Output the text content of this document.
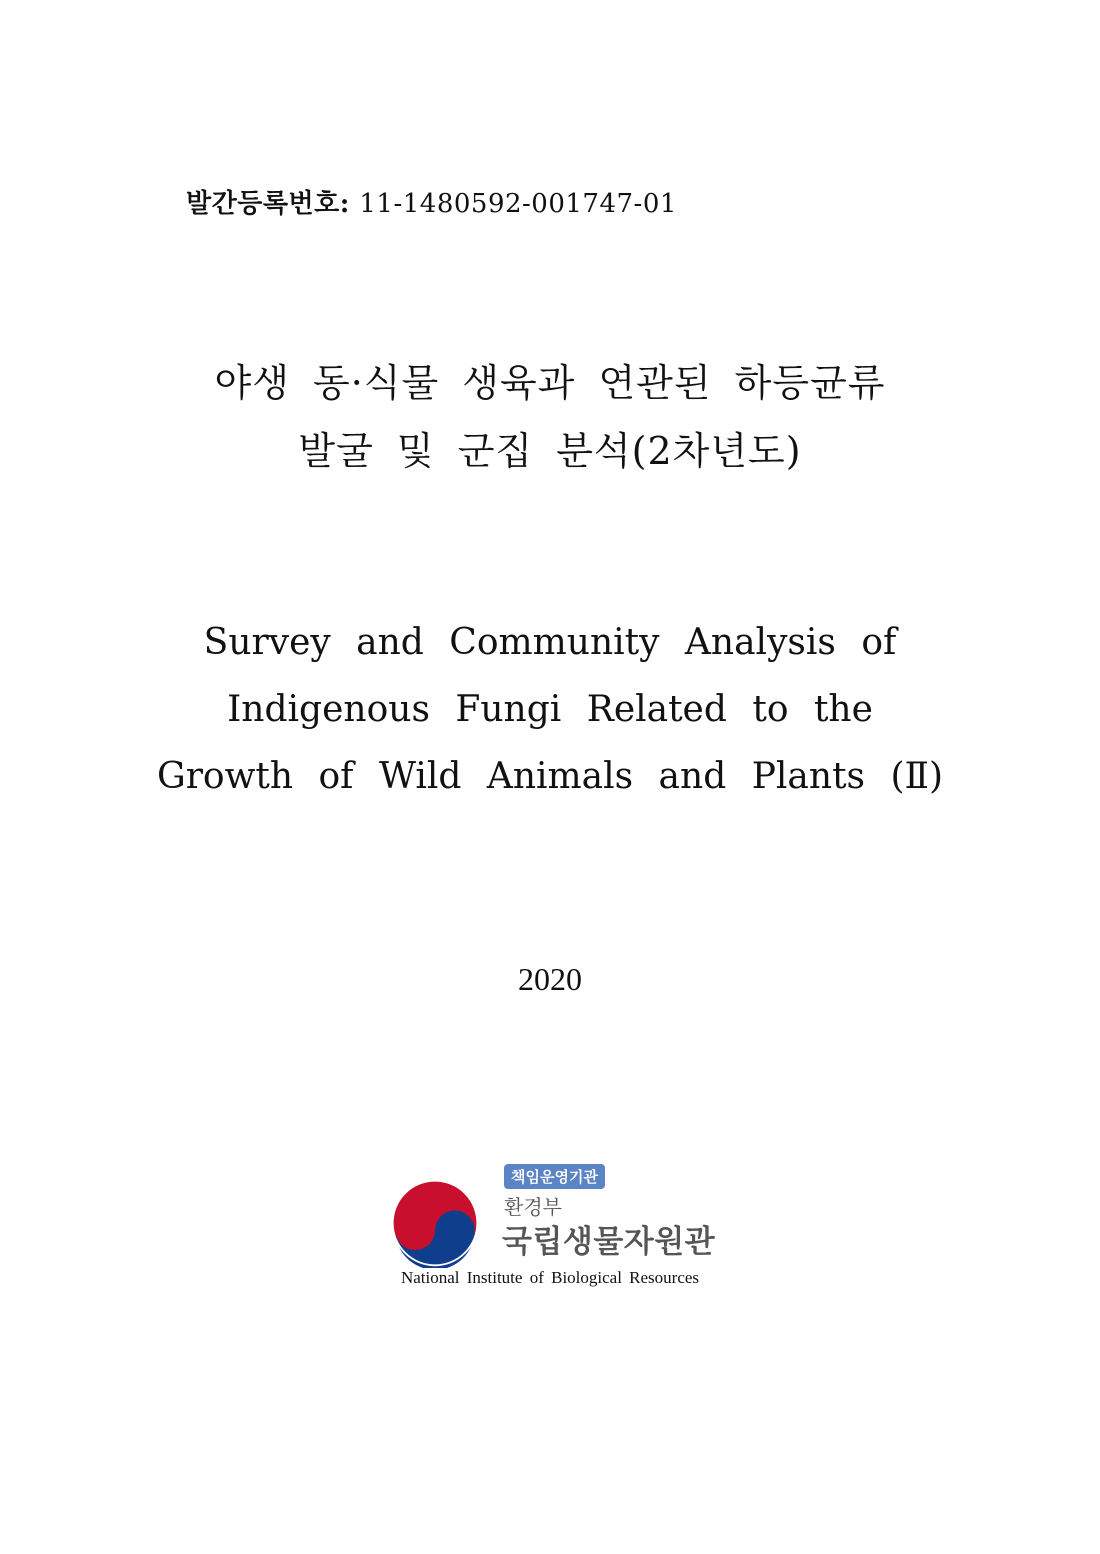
발간등록번호: 11-1480592-001747-01
야생 동·식물 생육과 연관된 하등균류
발굴 및 군집 분석(2차년도)
Survey and Community Analysis of
Indigenous Fungi Related to the
Growth of Wild Animals and Plants (Ⅱ)
2020
책임운영기관
환경부
국립생물자원관
National Institute of Biological Resources
